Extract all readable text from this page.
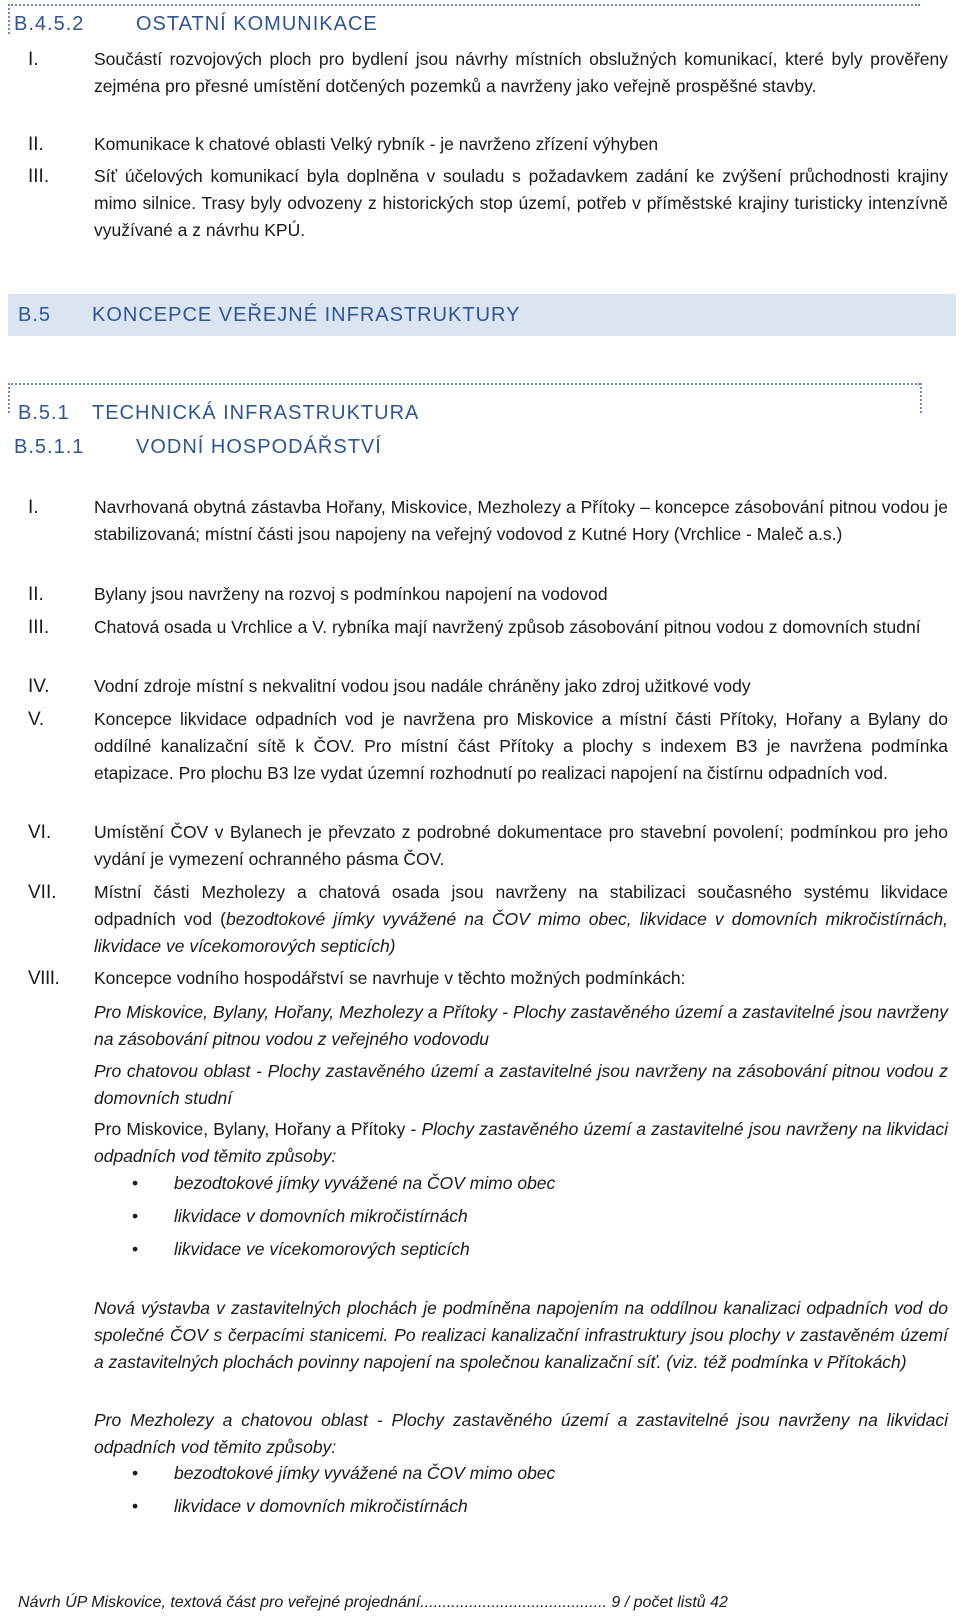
B.4.5.2	OSTATNÍ KOMUNIKACE
I.	Součástí rozvojových ploch pro bydlení jsou návrhy místních obslužných komunikací, které byly prověřeny zejména pro přesné umístění dotčených pozemků a navrženy jako veřejně prospěšné stavby.
II.	Komunikace k chatové oblasti Velký rybník - je navrženo zřízení výhyben
III.	Síť účelových komunikací byla doplněna v souladu s požadavkem zadání ke zvýšení průchodnosti krajiny mimo silnice. Trasy byly odvozeny z historických stop území, potřeb v příměstské krajiny turisticky intenzívně využívané a z návrhu KPÚ.
B.5 KONCEPCE VEŘEJNÉ INFRASTRUKTURY
B.5.1 TECHNICKÁ INFRASTRUKTURA
B.5.1.1	VODNÍ HOSPODÁŘSTVÍ
I.	Navrhovaná obytná zástavba Hořany, Miskovice, Mezholezy a Přítoky – koncepce zásobování pitnou vodou je stabilizovaná; místní části jsou napojeny na veřejný vodovod z Kutné Hory (Vrchlice - Maleč a.s.)
II.	Bylany jsou navrženy na rozvoj s podmínkou napojení na vodovod
III.	Chatová osada u Vrchlice a V. rybníka mají navržený způsob zásobování pitnou vodou z domovních studní
IV.	Vodní zdroje místní s nekvalitní vodou jsou nadále chráněny jako zdroj užitkové vody
V.	Koncepce likvidace odpadních vod je navržena pro Miskovice a místní části Přítoky, Hořany a Bylany do oddílné kanalizační sítě k ČOV. Pro místní část Přítoky a plochy s indexem B3 je navržena podmínka etapizace. Pro plochu B3 lze vydat územní rozhodnutí po realizaci napojení na čistírnu odpadních vod.
VI. Umístění ČOV v Bylanech je převzato z podrobné dokumentace pro stavební povolení; podmínkou pro jeho vydání je vymezení ochranného pásma ČOV.
VII. Místní části Mezholezy a chatová osada jsou navrženy na stabilizaci současného systému likvidace odpadních vod (bezodtokové jímky vyvážené na ČOV mimo obec, likvidace v domovních mikročistírnách, likvidace ve vícekomorových septicích)
VIII. Koncepce vodního hospodářství se navrhuje v těchto možných podmínkách:
Pro Miskovice, Bylany, Hořany, Mezholezy a Přítoky - Plochy zastavěného území a zastavitelné jsou navrženy na zásobování pitnou vodou z veřejného vodovodu
Pro chatovou oblast - Plochy zastavěného území a zastavitelné jsou navrženy na zásobování pitnou vodou z domovních studní
Pro Miskovice, Bylany, Hořany a Přítoky - Plochy zastavěného území a zastavitelné jsou navrženy na likvidaci odpadních vod těmito způsoby:
• bezodtokové jímky vyvážené na ČOV mimo obec
• likvidace v domovních mikročistírnách
• likvidace ve vícekomorových septicích
Nová výstavba v zastavitelných plochách je podmíněna napojením na oddílnou kanalizaci odpadních vod do společné ČOV s čerpacími stanicemi. Po realizaci kanalizační infrastruktury jsou plochy v zastavěném území a zastavitelných plochách povinny napojení na společnou kanalizační síť. (viz. též podmínka v Přítokách)
Pro Mezholezy a chatovou oblast - Plochy zastavěného území a zastavitelné jsou navrženy na likvidaci odpadních vod těmito způsoby:
• bezodtokové jímky vyvážené na ČOV mimo obec
• likvidace v domovních mikročistírnách
Návrh ÚP Miskovice, textová část pro veřejné projednání.......................................... 9 / počet listů 42
